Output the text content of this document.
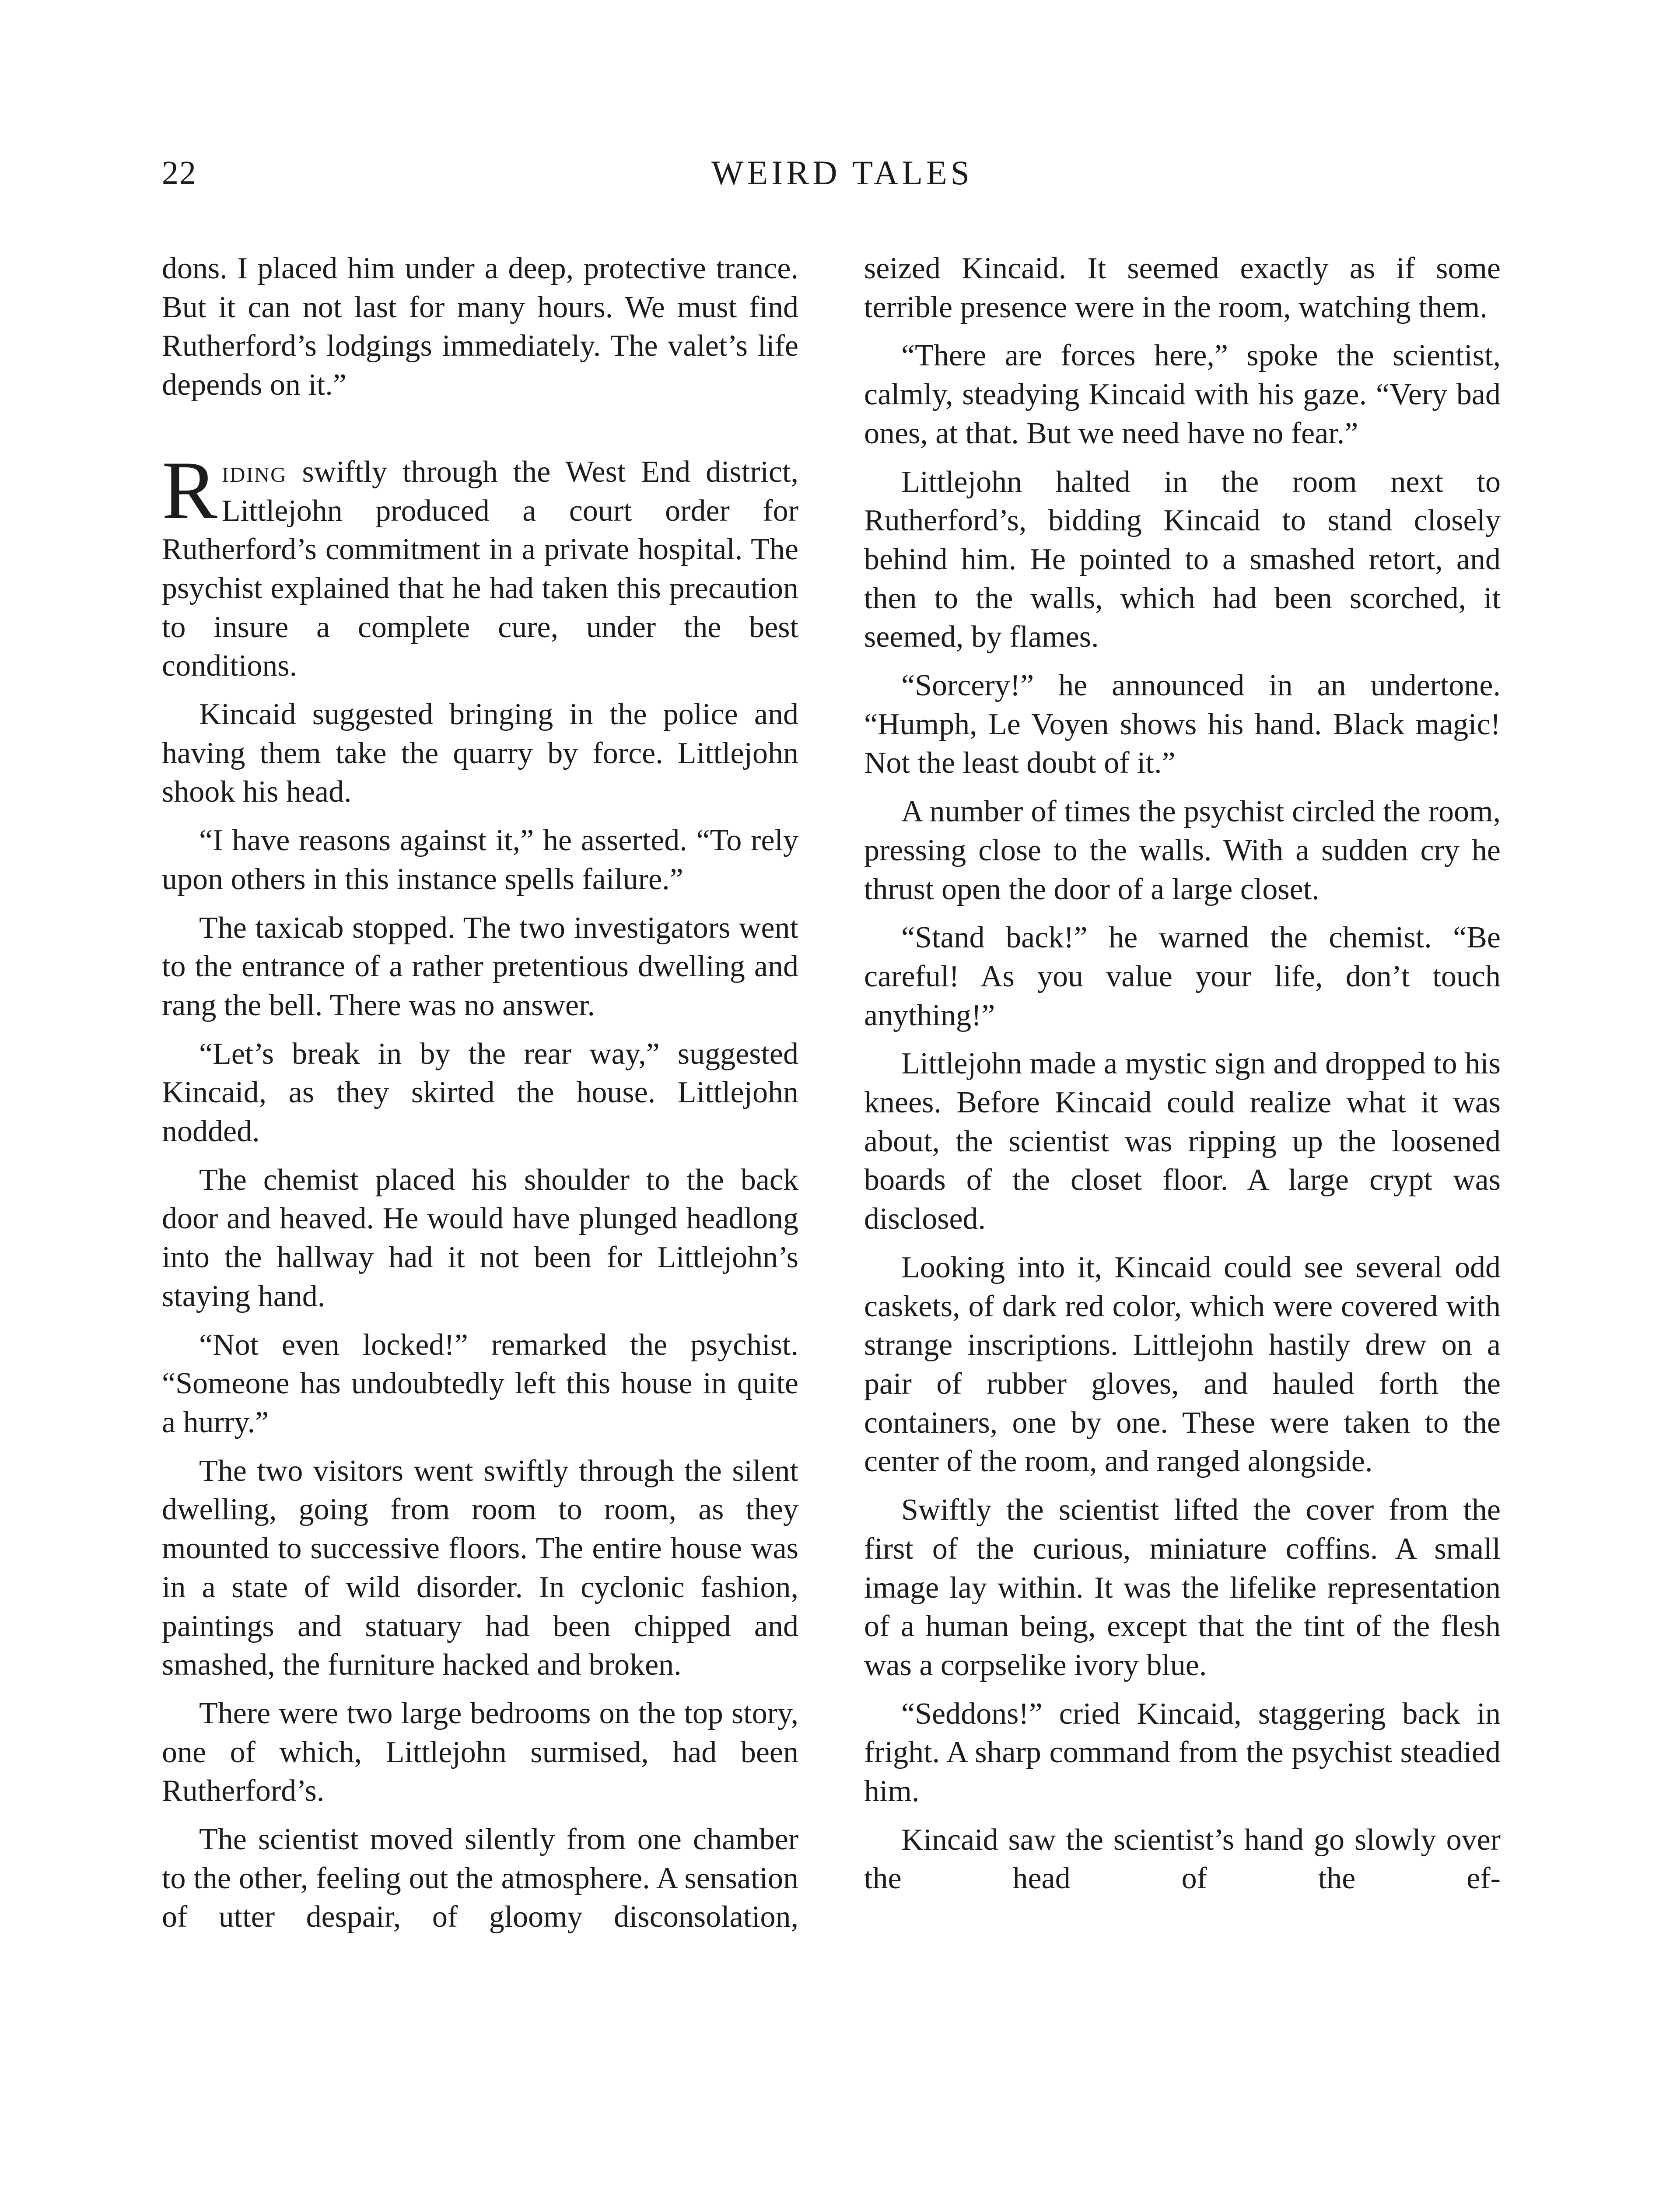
22	WEIRD TALES

dons. I placed him under a deep, protective trance. But it can not last for many hours. We must find Rutherford’s lodgings immediately. The valet’s life depends on it.”

Riding swiftly through the West End district, Littlejohn produced a court order for Rutherford’s commitment in a private hospital. The psychist explained that he had taken this precaution to insure a complete cure, under the best conditions.

Kincaid suggested bringing in the police and having them take the quarry by force. Littlejohn shook his head.

“I have reasons against it,” he asserted. “To rely upon others in this instance spells failure.”

The taxicab stopped. The two investigators went to the entrance of a rather pretentious dwelling and rang the bell. There was no answer.

“Let’s break in by the rear way,” suggested Kincaid, as they skirted the house. Littlejohn nodded.

The chemist placed his shoulder to the back door and heaved. He would have plunged headlong into the hallway had it not been for Littlejohn’s staying hand.

“Not even locked!” remarked the psychist. “Someone has undoubtedly left this house in quite a hurry.”

The two visitors went swiftly through the silent dwelling, going from room to room, as they mounted to successive floors. The entire house was in a state of wild disorder. In cyclonic fashion, paintings and statuary had been chipped and smashed, the furniture hacked and broken.

There were two large bedrooms on the top story, one of which, Littlejohn surmised, had been Rutherford’s.

The scientist moved silently from one chamber to the other, feeling out the atmosphere. A sensation of utter despair, of gloomy disconsolation,

seized Kincaid. It seemed exactly as if some terrible presence were in the room, watching them.

“There are forces here,” spoke the scientist, calmly, steadying Kincaid with his gaze. “Very bad ones, at that. But we need have no fear.”

Littlejohn halted in the room next to Rutherford’s, bidding Kincaid to stand closely behind him. He pointed to a smashed retort, and then to the walls, which had been scorched, it seemed, by flames.

“Sorcery!” he announced in an undertone. “Humph, Le Voyen shows his hand. Black magic! Not the least doubt of it.”

A number of times the psychist circled the room, pressing close to the walls. With a sudden cry he thrust open the door of a large closet.

“Stand back!” he warned the chemist. “Be careful! As you value your life, don’t touch anything!”

Littlejohn made a mystic sign and dropped to his knees. Before Kincaid could realize what it was about, the scientist was ripping up the loosened boards of the closet floor. A large crypt was disclosed.

Looking into it, Kincaid could see several odd caskets, of dark red color, which were covered with strange inscriptions. Littlejohn hastily drew on a pair of rubber gloves, and hauled forth the containers, one by one. These were taken to the center of the room, and ranged alongside.

Swiftly the scientist lifted the cover from the first of the curious, miniature coffins. A small image lay within. It was the lifelike representation of a human being, except that the tint of the flesh was a corpselike ivory blue.

“Seddons!” cried Kincaid, staggering back in fright. A sharp command from the psychist steadied him.

Kincaid saw the scientist’s hand go slowly over the head of the ef-
